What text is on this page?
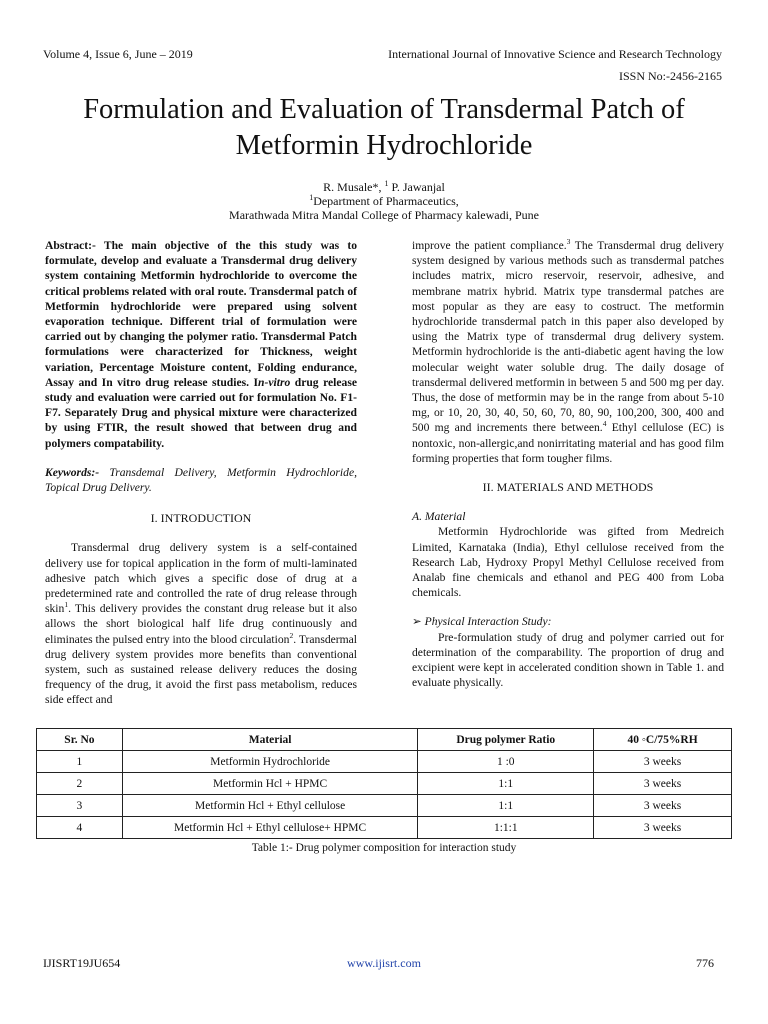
Volume 4, Issue 6, June – 2019	International Journal of Innovative Science and Research Technology
ISSN No:-2456-2165
Formulation and Evaluation of Transdermal Patch of
Metformin Hydrochloride
R. Musale*, $^1$ P. Jawanjal
$^1$Department of Pharmaceutics,
Marathwada Mitra Mandal College of Pharmacy kalewadi, Pune

Abstract:- The main objective of the this study was to formulate, develop and evaluate a Transdermal drug delivery system containing Metformin hydrochloride to overcome the critical problems related with oral route. Transdermal patch of Metformin hydrochloride were prepared using solvent evaporation technique. Different trial of formulation were carried out by changing the polymer ratio. Transdermal Patch formulations were characterized for Thickness, weight variation, Percentage Moisture content, Folding endurance, Assay and In vitro drug release studies. In-vitro drug release study and evaluation were carried out for formulation No. F1-F7. Separately Drug and physical mixture were characterized by using FTIR, the result showed that between drug and polymers compatability.

Keywords:- Transdemal Delivery, Metformin Hydrochloride, Topical Drug Delivery.

I. INTRODUCTION

Transdermal drug delivery system is a self-contained delivery use for topical application in the form of multi-laminated adhesive patch which gives a specific dose of drug at a predetermined rate and controlled the rate of drug release through skin$^1$. This delivery provides the constant drug release but it also allows the short biological half life drug continuously and eliminates the pulsed entry into the blood circulation$^2$. Transdermal drug delivery system provides more benefits than conventional system, such as sustained release delivery reduces the dosing frequency of the drug, it avoid the first pass metabolism, reduces side effect and

improve the patient compliance.$^3$ The Transdermal drug delivery system designed by various methods such as transdermal patches includes matrix, micro reservoir, reservoir, adhesive, and membrane matrix hybrid. Matrix type transdermal patches are most popular as they are easy to costruct. The metformin hydrochloride transdermal patch in this paper also developed by using the Matrix type of transdermal drug delivery system. Metformin hydrochloride is the anti-diabetic agent having the low molecular weight water soluble drug. The daily dosage of transdermal delivered metformin in between 5 and 500 mg per day. Thus, the dose of metformin may be in the range from about 5-10 mg, or 10, 20, 30, 40, 50, 60, 70, 80, 90, 100,200, 300, 400 and 500 mg and increments there between.$^4$ Ethyl cellulose (EC) is nontoxic, non-allergic,and nonirritating material and has good film forming properties that form tougher films.

II. MATERIALS AND METHODS

A. Material

Metformin Hydrochloride was gifted from Medreich Limited, Karnataka (India), Ethyl cellulose received from the Research Lab, Hydroxy Propyl Methyl Cellulose received from Analab fine chemicals and ethanol and PEG 400 from Loba chemicals.

➢ Physical Interaction Study:

Pre-formulation study of drug and polymer carried out for determination of the comparability. The proportion of drug and excipient were kept in accelerated condition shown in Table 1. and evaluate physically.

Sr. No	Material	Drug polymer Ratio	40 ◦C/75%RH
1	Metformin Hydrochloride	1 :0	3 weeks
2	Metformin Hcl + HPMC	1:1	3 weeks
3	Metformin Hcl + Ethyl cellulose	1:1	3 weeks
4	Metformin Hcl + Ethyl cellulose+ HPMC	1:1:1	3 weeks
Table 1:- Drug polymer composition for interaction study
IJISRT19JU654	www.ijisrt.com	776
